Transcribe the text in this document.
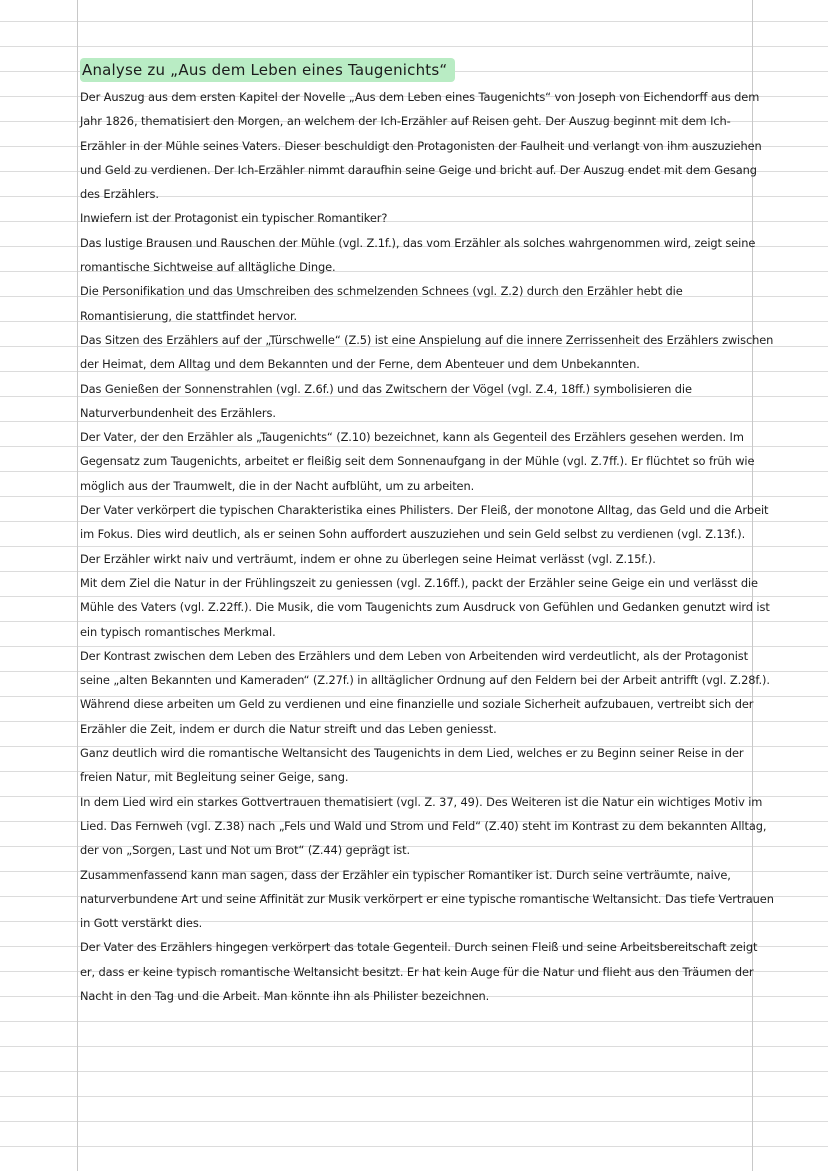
Analyse zu „Aus dem Leben eines Taugenichts“

Der Auszug aus dem ersten Kapitel der Novelle „Aus dem Leben eines Taugenichts“ von Joseph von Eichendorff aus dem Jahr 1826, thematisiert den Morgen, an welchem der Ich-Erzähler auf Reisen geht. Der Auszug beginnt mit dem Ich-Erzähler in der Mühle seines Vaters. Dieser beschuldigt den Protagonisten der Faulheit und verlangt von ihm auszuziehen und Geld zu verdienen. Der Ich-Erzähler nimmt daraufhin seine Geige und bricht auf. Der Auszug endet mit dem Gesang des Erzählers.

Inwiefern ist der Protagonist ein typischer Romantiker?

Das lustige Brausen und Rauschen der Mühle (vgl. Z.1f.), das vom Erzähler als solches wahrgenommen wird, zeigt seine romantische Sichtweise auf alltägliche Dinge.

Die Personifikation und das Umschreiben des schmelzenden Schnees (vgl. Z.2) durch den Erzähler hebt die Romantisierung, die stattfindet hervor.

Das Sitzen des Erzählers auf der „Türschwelle“ (Z.5) ist eine Anspielung auf die innere Zerrissenheit des Erzählers zwischen der Heimat, dem Alltag und dem Bekannten und der Ferne, dem Abenteuer und dem Unbekannten.

Das Genießen der Sonnenstrahlen (vgl. Z.6f.) und das Zwitschern der Vögel (vgl. Z.4, 18ff.) symbolisieren die Naturverbundenheit des Erzählers.

Der Vater, der den Erzähler als „Taugenichts“ (Z.10) bezeichnet, kann als Gegenteil des Erzählers gesehen werden. Im Gegensatz zum Taugenichts, arbeitet er fleißig seit dem Sonnenaufgang in der Mühle (vgl. Z.7ff.). Er flüchtet so früh wie möglich aus der Traumwelt, die in der Nacht aufblüht, um zu arbeiten.

Der Vater verkörpert die typischen Charakteristika eines Philisters. Der Fleiß, der monotone Alltag, das Geld und die Arbeit im Fokus. Dies wird deutlich, als er seinen Sohn auffordert auszuziehen und sein Geld selbst zu verdienen (vgl. Z.13f.).

Der Erzähler wirkt naiv und verträumt, indem er ohne zu überlegen seine Heimat verlässt (vgl. Z.15f.).

Mit dem Ziel die Natur in der Frühlingszeit zu geniessen (vgl. Z.16ff.), packt der Erzähler seine Geige ein und verlässt die Mühle des Vaters (vgl. Z.22ff.). Die Musik, die vom Taugenichts zum Ausdruck von Gefühlen und Gedanken genutzt wird ist ein typisch romantisches Merkmal.

Der Kontrast zwischen dem Leben des Erzählers und dem Leben von Arbeitenden wird verdeutlicht, als der Protagonist seine „alten Bekannten und Kameraden“ (Z.27f.) in alltäglicher Ordnung auf den Feldern bei der Arbeit antrifft (vgl. Z.28f.). Während diese arbeiten um Geld zu verdienen und eine finanzielle und soziale Sicherheit aufzubauen, vertreibt sich der Erzähler die Zeit, indem er durch die Natur streift und das Leben geniesst.

Ganz deutlich wird die romantische Weltansicht des Taugenichts in dem Lied, welches er zu Beginn seiner Reise in der freien Natur, mit Begleitung seiner Geige, sang.

In dem Lied wird ein starkes Gottvertrauen thematisiert (vgl. Z. 37, 49). Des Weiteren ist die Natur ein wichtiges Motiv im Lied. Das Fernweh (vgl. Z.38) nach „Fels und Wald und Strom und Feld“ (Z.40) steht im Kontrast zu dem bekannten Alltag, der von „Sorgen, Last und Not um Brot“ (Z.44) geprägt ist.

Zusammenfassend kann man sagen, dass der Erzähler ein typischer Romantiker ist. Durch seine verträumte, naive, naturverbundene Art und seine Affinität zur Musik verkörpert er eine typische romantische Weltansicht. Das tiefe Vertrauen in Gott verstärkt dies.

Der Vater des Erzählers hingegen verkörpert das totale Gegenteil. Durch seinen Fleiß und seine Arbeitsbereitschaft zeigt er, dass er keine typisch romantische Weltansicht besitzt. Er hat kein Auge für die Natur und flieht aus den Träumen der Nacht in den Tag und die Arbeit. Man könnte ihn als Philister bezeichnen.
